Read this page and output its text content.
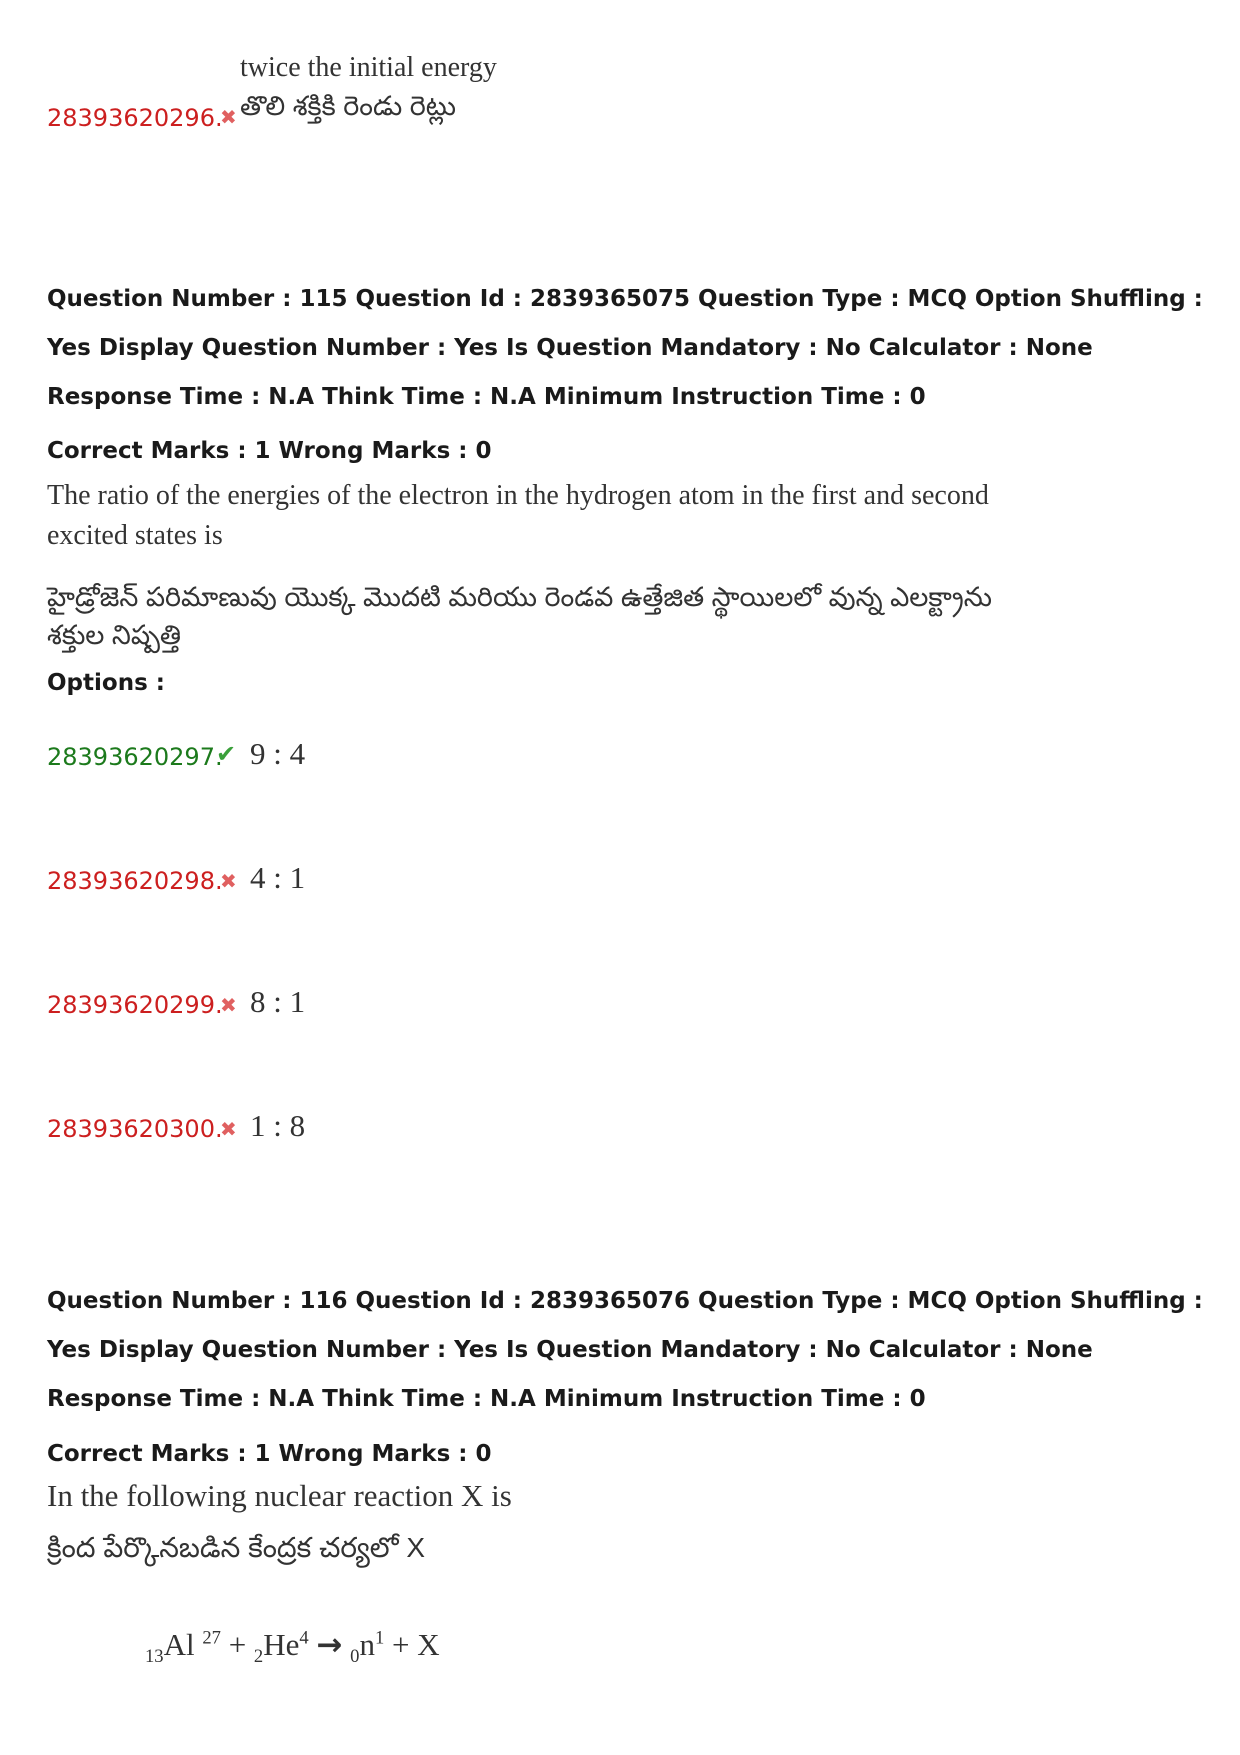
twice the initial energy
తొలి శక్తికి రెండు రెట్లు
28393620296.
✖
Question Number : 115 Question Id : 2839365075 Question Type : MCQ Option Shuffling : Yes Display Question Number : Yes Is Question Mandatory : No Calculator : None Response Time : N.A Think Time : N.A Minimum Instruction Time : 0
Correct Marks : 1 Wrong Marks : 0
The ratio of the energies of the electron in the hydrogen atom in the first and second
excited states is
హైడ్రోజెన్ పరిమాణువు యొక్క మొదటి మరియు రెండవ ఉత్తేజిత స్థాయిలలో వున్న ఎలక్ట్రాను
శక్తుల నిష్పత్తి
Options :
28393620297.
✔ 9 : 4
28393620298.
✖ 4 : 1
28393620299.
✖ 8 : 1
28393620300.
✖ 1 : 8
Question Number : 116 Question Id : 2839365076 Question Type : MCQ Option Shuffling : Yes Display Question Number : Yes Is Question Mandatory : No Calculator : None Response Time : N.A Think Time : N.A Minimum Instruction Time : 0
Correct Marks : 1 Wrong Marks : 0
In the following nuclear reaction X is
క్రింద పేర్కొనబడిన కేంద్రక చర్యలో X
$_{13}$Al $^{27} + _2He^4 \to _0n^1 + X$
